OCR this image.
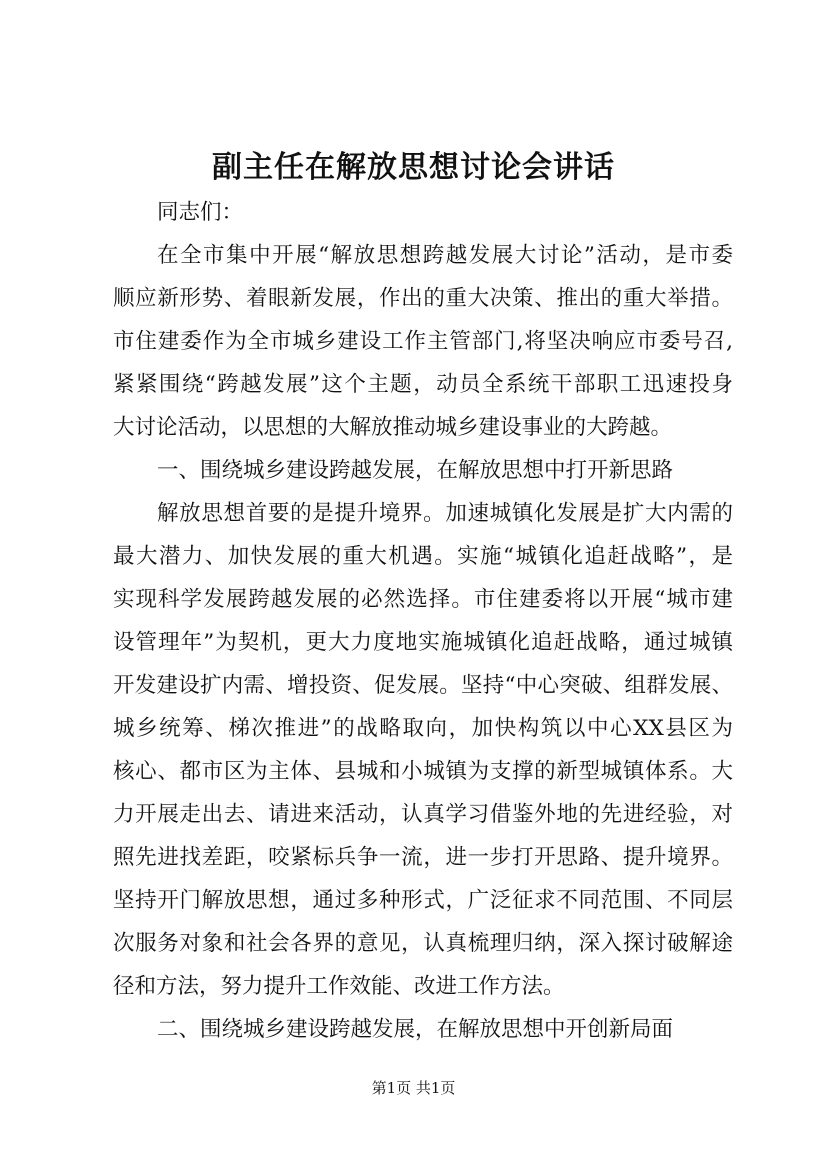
副主任在解放思想讨论会讲话
同志们：
在全市集中开展“解放思想跨越发展大讨论”活动，是市委
顺应新形势、着眼新发展，作出的重大决策、推出的重大举措。
市住建委作为全市城乡建设工作主管部门,将坚决响应市委号召,
紧紧围绕“跨越发展”这个主题，动员全系统干部职工迅速投身
大讨论活动，以思想的大解放推动城乡建设事业的大跨越。
一、围绕城乡建设跨越发展，在解放思想中打开新思路
解放思想首要的是提升境界。加速城镇化发展是扩大内需的
最大潜力、加快发展的重大机遇。实施“城镇化追赶战略”，是
实现科学发展跨越发展的必然选择。市住建委将以开展“城市建
设管理年”为契机，更大力度地实施城镇化追赶战略，通过城镇
开发建设扩内需、增投资、促发展。坚持“中心突破、组群发展、
城乡统筹、梯次推进”的战略取向，加快构筑以中心XX县区为
核心、都市区为主体、县城和小城镇为支撑的新型城镇体系。大
力开展走出去、请进来活动，认真学习借鉴外地的先进经验，对
照先进找差距，咬紧标兵争一流，进一步打开思路、提升境界。
坚持开门解放思想，通过多种形式，广泛征求不同范围、不同层
次服务对象和社会各界的意见，认真梳理归纳，深入探讨破解途
径和方法，努力提升工作效能、改进工作方法。
二、围绕城乡建设跨越发展，在解放思想中开创新局面
第1页 共1页
